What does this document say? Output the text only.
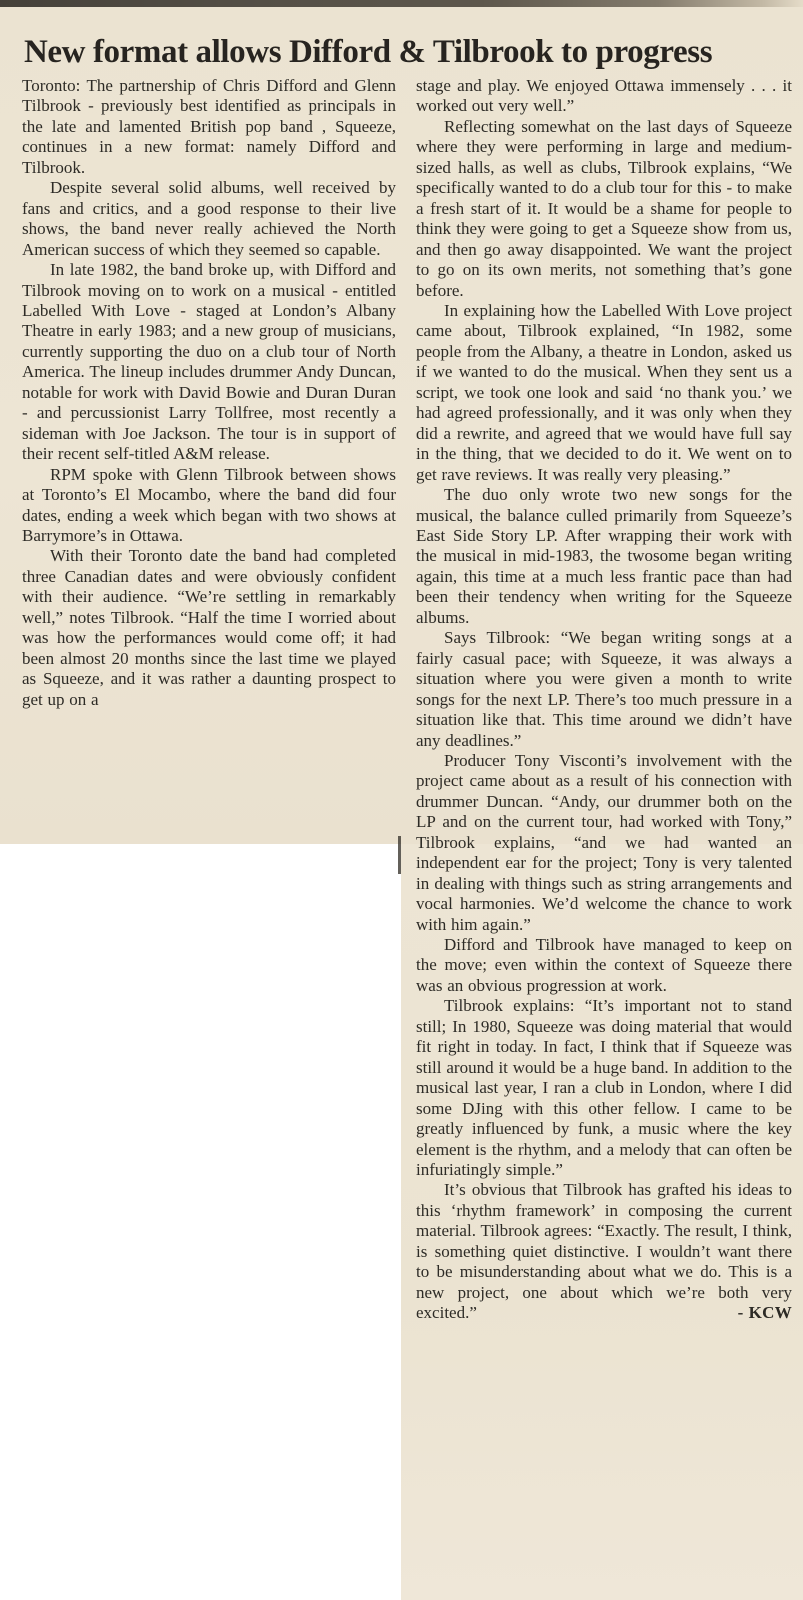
New format allows Difford & Tilbrook to progress

Toronto: The partnership of Chris Difford and Glenn Tilbrook - previously best identified as principals in the late and lamented British pop band , Squeeze, continues in a new format: namely Difford and Tilbrook.

Despite several solid albums, well received by fans and critics, and a good response to their live shows, the band never really achieved the North American success of which they seemed so capable.

In late 1982, the band broke up, with Difford and Tilbrook moving on to work on a musical - entitled Labelled With Love - staged at London’s Albany Theatre in early 1983; and a new group of musicians, currently supporting the duo on a club tour of North America. The lineup includes drummer Andy Duncan, notable for work with David Bowie and Duran Duran - and percussionist Larry Tollfree, most recently a sideman with Joe Jackson. The tour is in support of their recent self-titled A&M release.

RPM spoke with Glenn Tilbrook between shows at Toronto’s El Mocambo, where the band did four dates, ending a week which began with two shows at Barrymore’s in Ottawa.

With their Toronto date the band had completed three Canadian dates and were obviously confident with their audience. “We’re settling in remarkably well,” notes Tilbrook. “Half the time I worried about was how the performances would come off; it had been almost 20 months since the last time we played as Squeeze, and it was rather a daunting prospect to get up on a

stage and play. We enjoyed Ottawa immensely . . . it worked out very well.”

Reflecting somewhat on the last days of Squeeze where they were performing in large and medium-sized halls, as well as clubs, Tilbrook explains, “We specifically wanted to do a club tour for this - to make a fresh start of it. It would be a shame for people to think they were going to get a Squeeze show from us, and then go away disappointed. We want the project to go on its own merits, not something that’s gone before.

In explaining how the Labelled With Love project came about, Tilbrook explained, “In 1982, some people from the Albany, a theatre in London, asked us if we wanted to do the musical. When they sent us a script, we took one look and said ‘no thank you.’ we had agreed professionally, and it was only when they did a rewrite, and agreed that we would have full say in the thing, that we decided to do it. We went on to get rave reviews. It was really very pleasing.”

The duo only wrote two new songs for the musical, the balance culled primarily from Squeeze’s East Side Story LP. After wrapping their work with the musical in mid-1983, the twosome began writing again, this time at a much less frantic pace than had been their tendency when writing for the Squeeze albums.

Says Tilbrook: “We began writing songs at a fairly casual pace; with Squeeze, it was always a situation where you were given a month to write songs for the next LP. There’s too much pressure in a situation like that. This time around we didn’t have any deadlines.”

Producer Tony Visconti’s involvement with the project came about as a result of his connection with drummer Duncan. “Andy, our drummer both on the LP and on the current tour, had worked with Tony,” Tilbrook explains, “and we had wanted an independent ear for the project; Tony is very talented in dealing with things such as string arrangements and vocal harmonies. We’d welcome the chance to work with him again.”

Difford and Tilbrook have managed to keep on the move; even within the context of Squeeze there was an obvious progression at work.

Tilbrook explains: “It’s important not to stand still; In 1980, Squeeze was doing material that would fit right in today. In fact, I think that if Squeeze was still around it would be a huge band. In addition to the musical last year, I ran a club in London, where I did some DJing with this other fellow. I came to be greatly influenced by funk, a music where the key element is the rhythm, and a melody that can often be infuriatingly simple.”

It’s obvious that Tilbrook has grafted his ideas to this ‘rhythm framework’ in composing the current material. Tilbrook agrees: “Exactly. The result, I think, is something quiet distinctive. I wouldn’t want there to be misunderstanding about what we do. This is a new project, one about which we’re both very excited.”	- KCW
